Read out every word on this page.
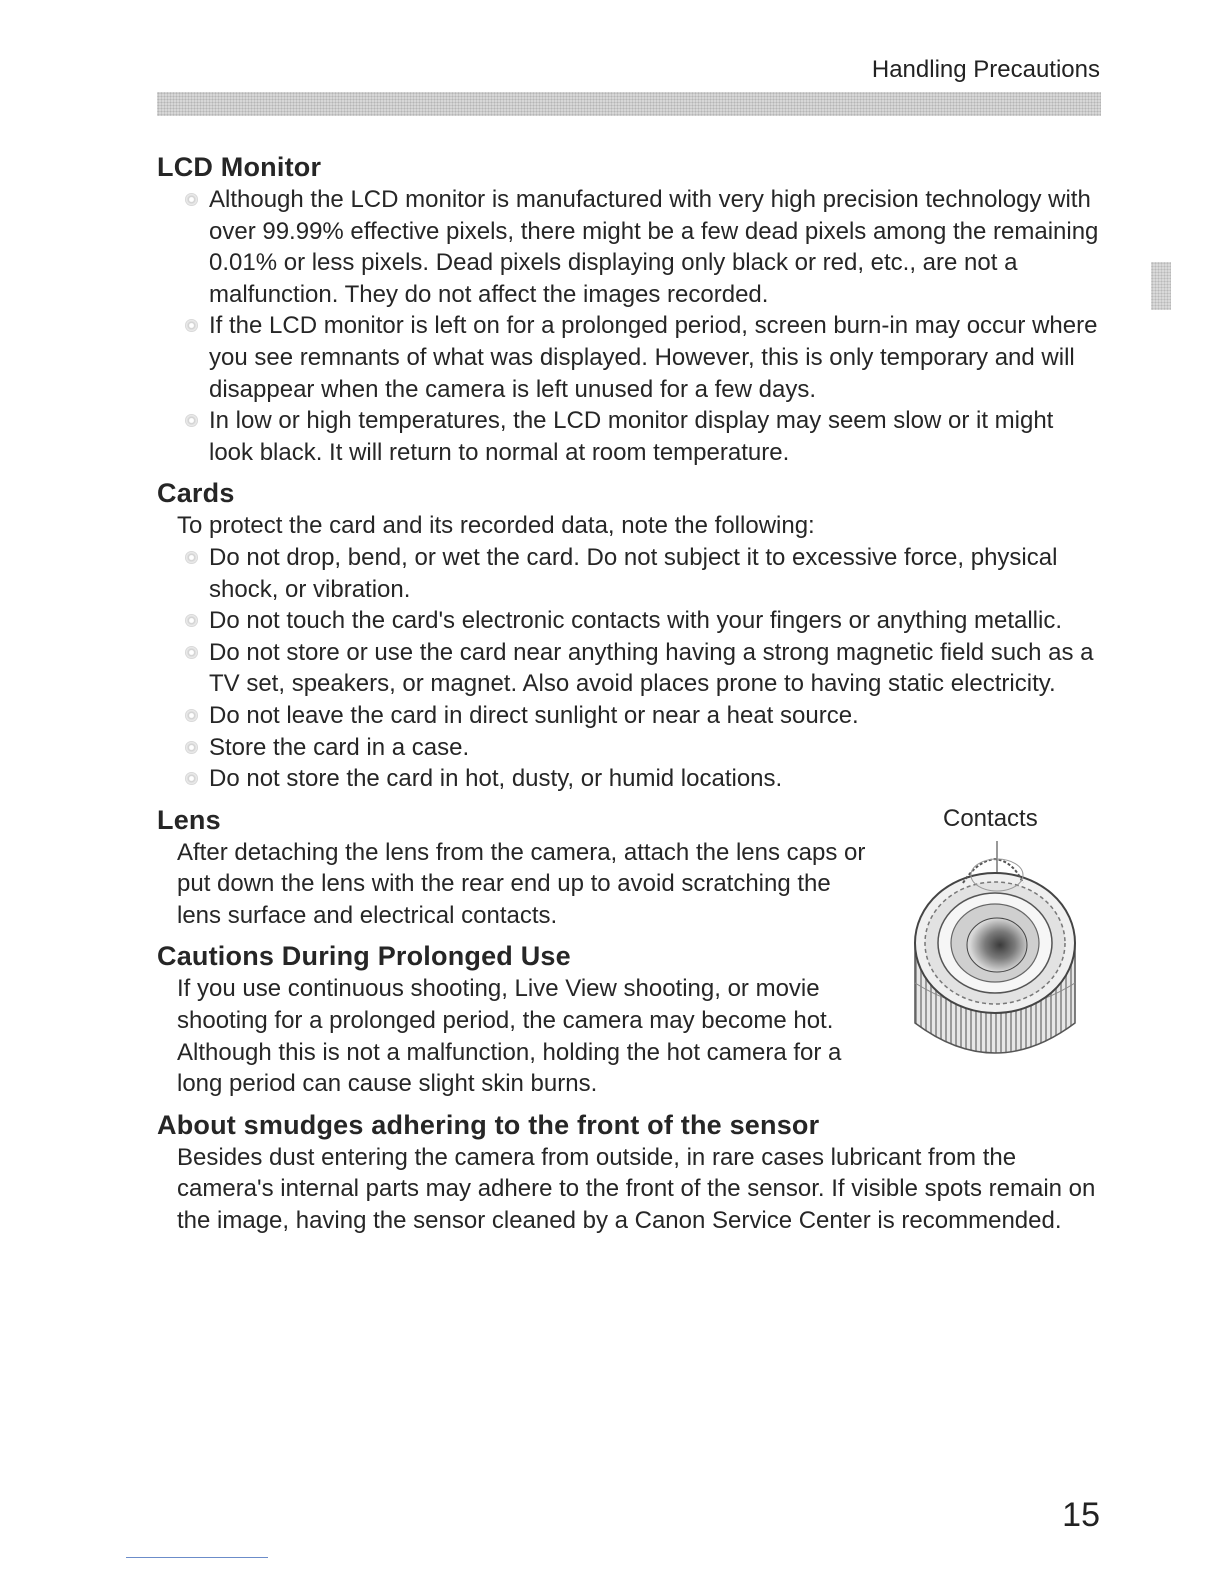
Handling Precautions
LCD Monitor
Although the LCD monitor is manufactured with very high precision technology with over 99.99% effective pixels, there might be a few dead pixels among the remaining 0.01% or less pixels. Dead pixels displaying only black or red, etc., are not a malfunction. They do not affect the images recorded.
If the LCD monitor is left on for a prolonged period, screen burn-in may occur where you see remnants of what was displayed. However, this is only temporary and will disappear when the camera is left unused for a few days.
In low or high temperatures, the LCD monitor display may seem slow or it might look black. It will return to normal at room temperature.
Cards

To protect the card and its recorded data, note the following:

Do not drop, bend, or wet the card. Do not subject it to excessive force, physical shock, or vibration.
Do not touch the card's electronic contacts with your fingers or anything metallic.
Do not store or use the card near anything having a strong magnetic field such as a TV set, speakers, or magnet. Also avoid places prone to having static electricity.
Do not leave the card in direct sunlight or near a heat source.
Store the card in a case.
Do not store the card in hot, dusty, or humid locations.
Lens

After detaching the lens from the camera, attach the lens caps or put down the lens with the rear end up to avoid scratching the lens surface and electrical contacts.

Cautions During Prolonged Use

If you use continuous shooting, Live View shooting, or movie shooting for a prolonged period, the camera may become hot. Although this is not a malfunction, holding the hot camera for a long period can cause slight skin burns.

Contacts
About smudges adhering to the front of the sensor

Besides dust entering the camera from outside, in rare cases lubricant from the camera's internal parts may adhere to the front of the sensor. If visible spots remain on the image, having the sensor cleaned by a Canon Service Center is recommended.

15
